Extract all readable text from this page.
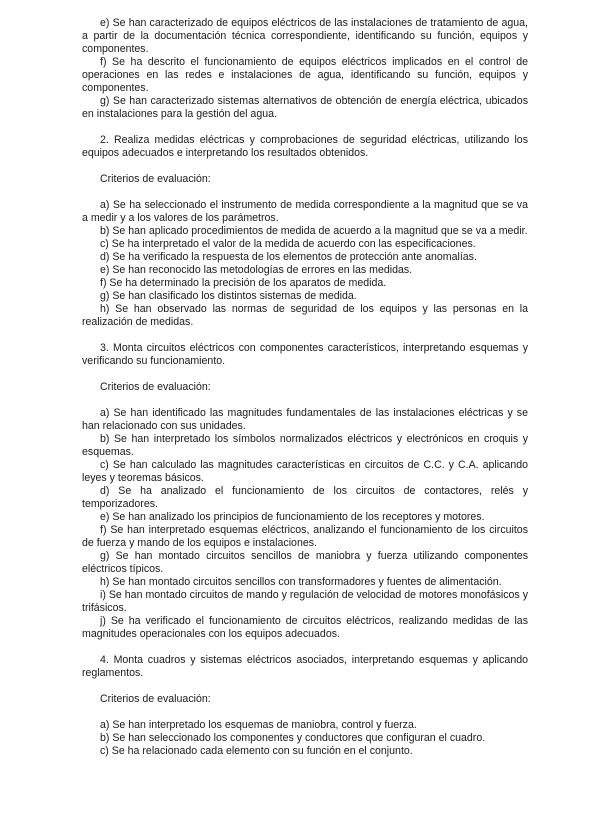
e) Se han caracterizado de equipos eléctricos de las instalaciones de tratamiento de agua, a partir de la documentación técnica correspondiente, identificando su función, equipos y componentes.

f) Se ha descrito el funcionamiento de equipos eléctricos implicados en el control de operaciones en las redes e instalaciones de agua, identificando su función, equipos y componentes.

g) Se han caracterizado sistemas alternativos de obtención de energía eléctrica, ubicados en instalaciones para la gestión del agua.

2. Realiza medidas eléctricas y comprobaciones de seguridad eléctricas, utilizando los equipos adecuados e interpretando los resultados obtenidos.

Criterios de evaluación:

a) Se ha seleccionado el instrumento de medida correspondiente a la magnitud que se va a medir y a los valores de los parámetros.

b) Se han aplicado procedimientos de medida de acuerdo a la magnitud que se va a medir.

c) Se ha interpretado el valor de la medida de acuerdo con las especificaciones.

d) Se ha verificado la respuesta de los elementos de protección ante anomalías.

e) Se han reconocido las metodologías de errores en las medidas.

f) Se ha determinado la precisión de los aparatos de medida.

g) Se han clasificado los distintos sistemas de medida.

h) Se han observado las normas de seguridad de los equipos y las personas en la realización de medidas.

3. Monta circuitos eléctricos con componentes característicos, interpretando esquemas y verificando su funcionamiento.

Criterios de evaluación:

a) Se han identificado las magnitudes fundamentales de las instalaciones eléctricas y se han relacionado con sus unidades.

b) Se han interpretado los símbolos normalizados eléctricos y electrónicos en croquis y esquemas.

c) Se han calculado las magnitudes características en circuitos de C.C. y C.A. aplicando leyes y teoremas básicos.

d) Se ha analizado el funcionamiento de los circuitos de contactores, relés y temporizadores.

e) Se han analizado los principios de funcionamiento de los receptores y motores.

f) Se han interpretado esquemas eléctricos, analizando el funcionamiento de los circuitos de fuerza y mando de los equipos e instalaciones.

g) Se han montado circuitos sencillos de maniobra y fuerza utilizando componentes eléctricos típicos.

h) Se han montado circuitos sencillos con transformadores y fuentes de alimentación.

i) Se han montado circuitos de mando y regulación de velocidad de motores monofásicos y trifásicos.

j) Se ha verificado el funcionamiento de circuitos eléctricos, realizando medidas de las magnitudes operacionales con los equipos adecuados.

4. Monta cuadros y sistemas eléctricos asociados, interpretando esquemas y aplicando reglamentos.

Criterios de evaluación:

a) Se han interpretado los esquemas de maniobra, control y fuerza.

b) Se han seleccionado los componentes y conductores que configuran el cuadro.

c) Se ha relacionado cada elemento con su función en el conjunto.
